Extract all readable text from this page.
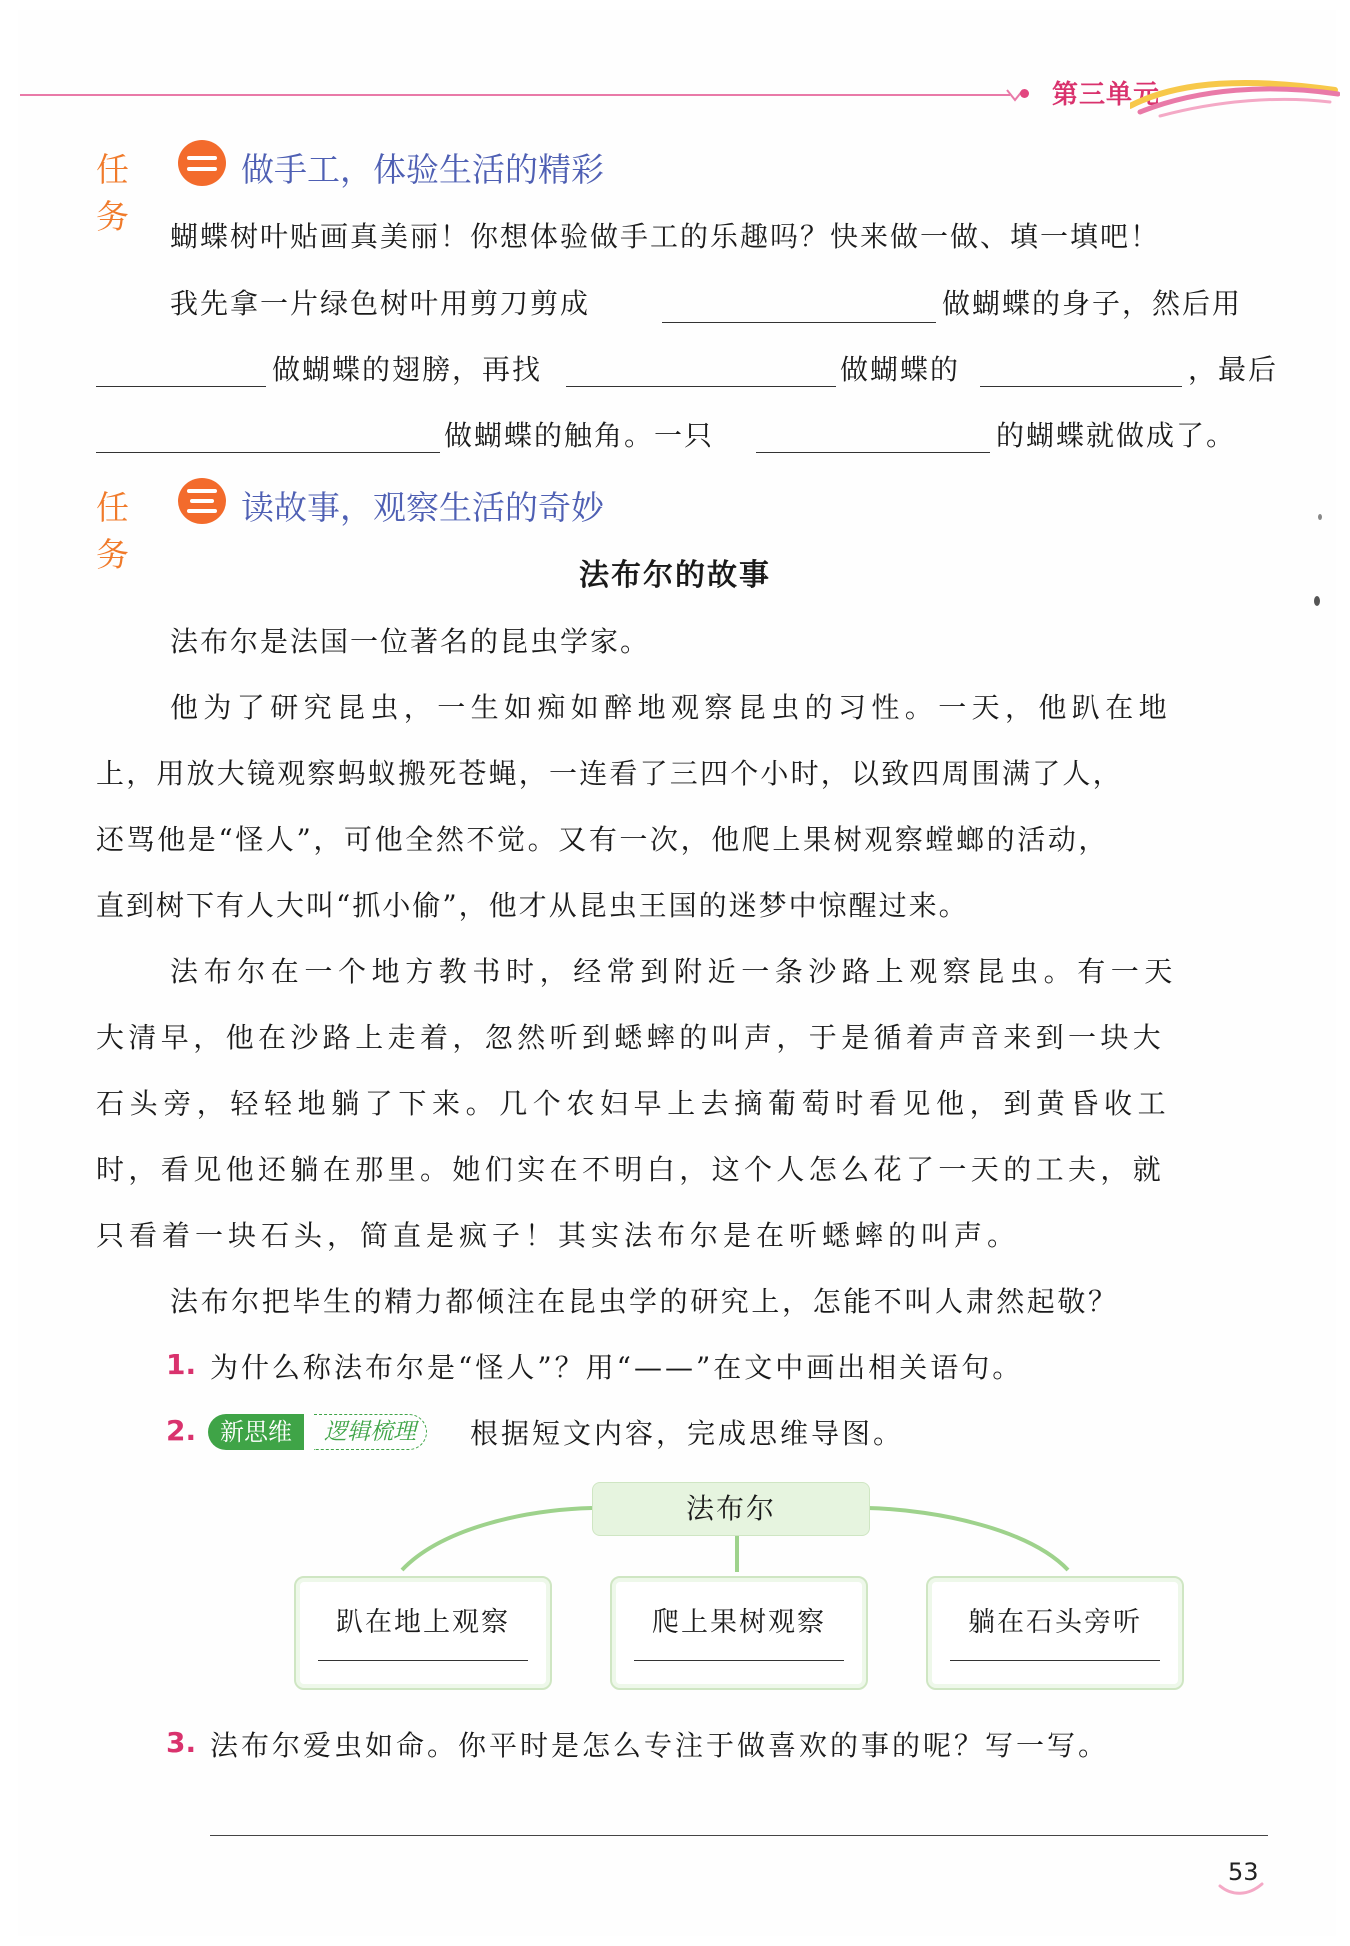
第三单元
任务
做手工，体验生活的精彩
蝴蝶树叶贴画真美丽！你想体验做手工的乐趣吗？快来做一做、填一填吧！
我先拿一片绿色树叶用剪刀剪成	做蝴蝶的身子，然后用
做蝴蝶的翅膀，再找	做蝴蝶的	，最后
做蝴蝶的触角。一只	的蝴蝶就做成了。
任务
读故事，观察生活的奇妙
法布尔的故事
法布尔是法国一位著名的昆虫学家。
他为了研究昆虫，一生如痴如醉地观察昆虫的习性。一天，他趴在地
上，用放大镜观察蚂蚁搬死苍蝇，一连看了三四个小时，以致四周围满了人，
还骂他是“怪人”，可他全然不觉。又有一次，他爬上果树观察螳螂的活动，
直到树下有人大叫“抓小偷”，他才从昆虫王国的迷梦中惊醒过来。
法布尔在一个地方教书时，经常到附近一条沙路上观察昆虫。有一天
大清早，他在沙路上走着，忽然听到蟋蟀的叫声，于是循着声音来到一块大
石头旁，轻轻地躺了下来。几个农妇早上去摘葡萄时看见他，到黄昏收工
时，看见他还躺在那里。她们实在不明白，这个人怎么花了一天的工夫，就
只看着一块石头，简直是疯子！其实法布尔是在听蟋蟀的叫声。
法布尔把毕生的精力都倾注在昆虫学的研究上，怎能不叫人肃然起敬？
1. 为什么称法布尔是“怪人”？用“——”在文中画出相关语句。
2. 新思维	逻辑梳理	根据短文内容，完成思维导图。
法布尔
趴在地上观察	爬上果树观察	躺在石头旁听
3. 法布尔爱虫如命。你平时是怎么专注于做喜欢的事的呢？写一写。
53
